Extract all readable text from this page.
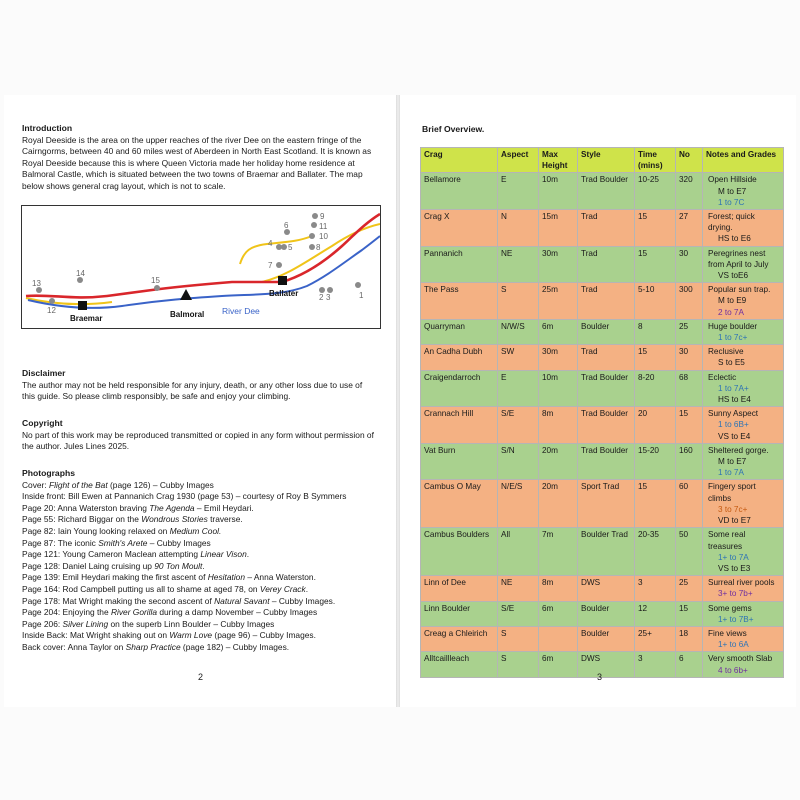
Introduction
Royal Deeside is the area on the upper reaches of the river Dee on the eastern fringe of the Cairngorms, between 40 and 60 miles west of Aberdeen in North East Scotland. It is known as Royal Deeside because this is where Queen Victoria made her holiday home residence at Balmoral Castle, which is situated between the two towns of Braemar and Ballater. The map below shows general crag layout, which is not to scale.
1
2 3
4 5
6
7
8
9
10
11
12
13
14
15
Braemar	Balmoral
Ballater
River Dee
Disclaimer
The author may not be held responsible for any injury, death, or any other loss due to use of this guide. So please climb responsibly, be safe and enjoy your climbing.
Copyright
No part of this work may be reproduced transmitted or copied in any form without permission of the author. Jules Lines 2025.
Photographs
Cover: Flight of the Bat (page 126) – Cubby Images
Inside front: Bill Ewen at Pannanich Crag 1930 (page 53) – courtesy of Roy B Symmers
Page 20: Anna Waterston braving The Agenda – Emil Heydari.
Page 55: Richard Biggar on the Wondrous Stories traverse.
Page 82: Iain Young looking relaxed on Medium Cool.
Page 87: The iconic Smith's Arete – Cubby Images
Page 121: Young Cameron Maclean attempting Linear Vison.
Page 128: Daniel Laing cruising up 90 Ton Moult.
Page 139: Emil Heydari making the first ascent of Hesitation – Anna Waterston.
Page 164: Rod Campbell putting us all to shame at aged 78, on Verey Crack.
Page 178: Mat Wright making the second ascent of Natural Savant – Cubby Images.
Page 204: Enjoying the River Gorilla during a damp November – Cubby Images
Page 206: Silver Lining on the superb Linn Boulder – Cubby Images
Inside Back: Mat Wright shaking out on Warm Love (page 96) – Cubby Images.
Back cover: Anna Taylor on Sharp Practice (page 182) – Cubby Images.
2
Brief Overview.
Crag	Aspect	Max Height	Style	Time (mins)	No	Notes and Grades
Bellamore	E	10m	Trad Boulder	10-25	320	Open Hillside
M to E7
1 to 7C

Crag X	N	15m	Trad	15	27	Forest; quick drying.
HS to E6

Pannanich	NE	30m	Trad	15	30	Peregrines nest from April to July
VS toE6

The Pass	S	25m	Trad	5-10	300	Popular sun trap.
M to E9
2 to 7A

Quarryman	N/W/S	6m	Boulder	8	25	Huge boulder
1 to 7c+

An Cadha Dubh	SW	30m	Trad	15	30	Reclusive
S to E5

Craigendarroch	E	10m	Trad Boulder	8-20	68	Eclectic
1 to 7A+
HS to E4

Crannach Hill	S/E	8m	Trad Boulder	20	15	Sunny Aspect
1 to 6B+
VS to E4

Vat Burn	S/N	20m	Trad Boulder	15-20	160	Sheltered gorge.
M to E7
1 to 7A

Cambus O May	N/E/S	20m	Sport Trad	15	60	Fingery sport climbs
3 to 7c+
VD to E7

Cambus Boulders	All	7m	Boulder Trad	20-35	50	Some real treasures
1+ to 7A
VS to E3

Linn of Dee	NE	8m	DWS	3	25	Surreal river pools
3+ to 7b+

Linn Boulder	S/E	6m	Boulder	12	15	Some gems
1+ to 7B+

Creag a Chleirich	S		Boulder	25+	18	Fine views
1+ to 6A

Alltcaillleach	S	6m	DWS	3	6	Very smooth Slab
4 to 6b+
3
